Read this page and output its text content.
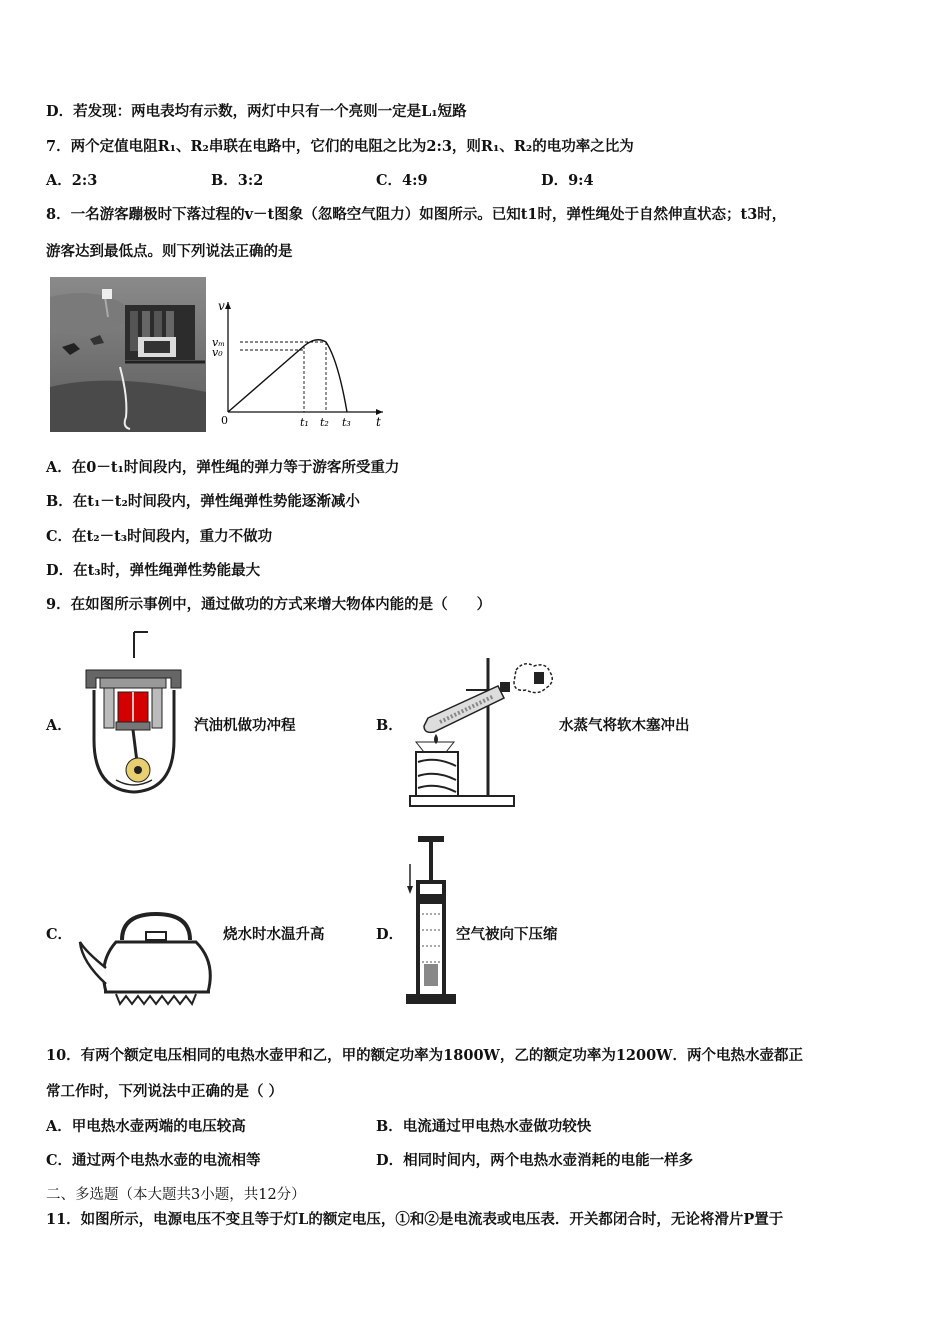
D．若发现：两电表均有示数，两灯中只有一个亮则一定是L₁短路
7．两个定值电阻R₁、R₂串联在电路中，它们的电阻之比为2:3，则R₁、R₂的电功率之比为
A．2:3	B．3:2	C．4:9	D．9:4
8．一名游客蹦极时下落过程的v－t图象（忽略空气阻力）如图所示。已知t1时，弹性绳处于自然伸直状态；t3时，
游客达到最低点。则下列说法正确的是
v
t
vₘ
v₀
0	t₁ t₂ t₃
A．在0－t₁时间段内，弹性绳的弹力等于游客所受重力
B．在t₁－t₂时间段内，弹性绳弹性势能逐渐减小
C．在t₂－t₃时间段内，重力不做功
D．在t₃时，弹性绳弹性势能最大
9．在如图所示事例中，通过做功的方式来增大物体内能的是（　　）
A．	汽油机做功冲程	B．	水蒸气将软木塞冲出
C．	烧水时水温升高	D．	空气被向下压缩
10．有两个额定电压相同的电热水壶甲和乙，甲的额定功率为1800W，乙的额定功率为1200W．两个电热水壶都正
常工作时，下列说法中正确的是（ ）
A．甲电热水壶两端的电压较高	B．电流通过甲电热水壶做功较快
C．通过两个电热水壶的电流相等	D．相同时间内，两个电热水壶消耗的电能一样多
二、多选题（本大题共3小题，共12分）
11．如图所示，电源电压不变且等于灯L的额定电压，①和②是电流表或电压表．开关都闭合时，无论将滑片P置于
